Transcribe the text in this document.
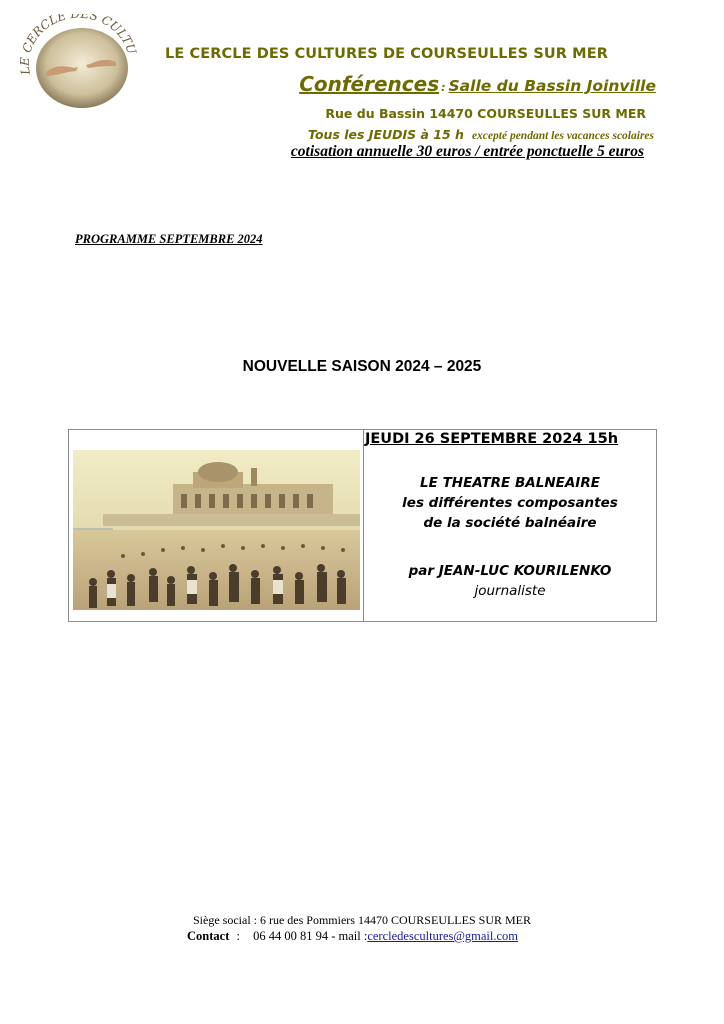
LE CERCLE ES CULTU LE CERCLE DES CULTURES DE COURSEULLES SUR MER
Conférences : Salle du Bassin Joinville
Rue du Bassin 14470 COURSEULLES SUR MER
Tous les JEUDIS à 15 h excepté pendant les vacances scolaires
cotisation annuelle 30 euros / entrée ponctuelle 5 euros
PROGRAMME SEPTEMBRE 2024
NOUVELLE SAISON 2024 – 2025
JEUDI 26 SEPTEMBRE 2024 15h
LE THEATRE BALNEAIRE
les différentes composantes
de la société balnéaire
par JEAN-LUC KOURILENKO
journaliste
Siège social : 6 rue des Pommiers 14470 COURSEULLES SUR MER
Contact : 06 44 00 81 94 - mail :cercledescultures@gmail.com
